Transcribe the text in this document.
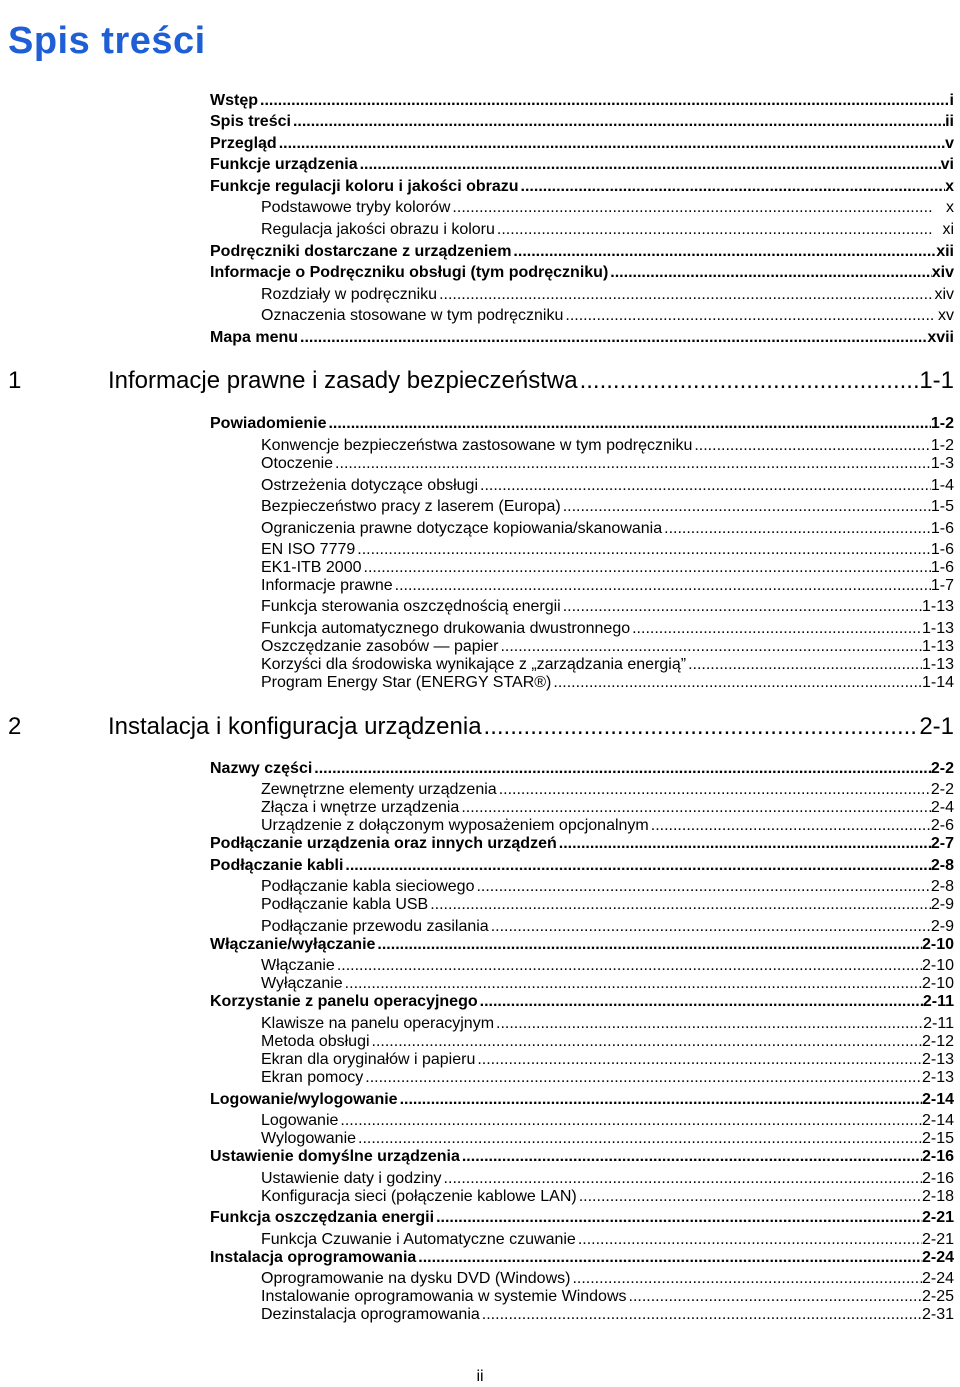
Spis treści
Wstęp .....	i
Spis treści .....	ii
Przegląd .....	v
Funkcje urządzenia .....	vi
Funkcje regulacji koloru i jakości obrazu .....	x
Podstawowe tryby kolorów .....	x
Regulacja jakości obrazu i koloru .....	xi
Podręczniki dostarczane z urządzeniem .....	xii
Informacje o Podręczniku obsługi (tym podręczniku) .....	xiv
Rozdziały w podręczniku .....	xiv
Oznaczenia stosowane w tym podręczniku .....	xv
Mapa menu .....	xvii
1	Informacje prawne i zasady bezpieczeństwa .....	1-1
Powiadomienie .....	1-2
Konwencje bezpieczeństwa zastosowane w tym podręczniku .....	1-2
Otoczenie .....	1-3
Ostrzeżenia dotyczące obsługi .....	1-4
Bezpieczeństwo pracy z laserem (Europa) .....	1-5
Ograniczenia prawne dotyczące kopiowania/skanowania .....	1-6
EN ISO 7779 .....	1-6
EK1-ITB 2000 .....	1-6
Informacje prawne .....	1-7
Funkcja sterowania oszczędnością energii .....	1-13
Funkcja automatycznego drukowania dwustronnego .....	1-13
Oszczędzanie zasobów — papier .....	1-13
Korzyści dla środowiska wynikające z „zarządzania energią” .....	1-13
Program Energy Star (ENERGY STAR®) .....	1-14
2	Instalacja i konfiguracja urządzenia .....	2-1
Nazwy części .....	2-2
Zewnętrzne elementy urządzenia .....	2-2
Złącza i wnętrze urządzenia .....	2-4
Urządzenie z dołączonym wyposażeniem opcjonalnym .....	2-6
Podłączanie urządzenia oraz innych urządzeń .....	2-7
Podłączanie kabli .....	2-8
Podłączanie kabla sieciowego .....	2-8
Podłączanie kabla USB .....	2-9
Podłączanie przewodu zasilania .....	2-9
Włączanie/wyłączanie .....	2-10
Włączanie .....	2-10
Wyłączanie .....	2-10
Korzystanie z panelu operacyjnego .....	2-11
Klawisze na panelu operacyjnym .....	2-11
Metoda obsługi .....	2-12
Ekran dla oryginałów i papieru .....	2-13
Ekran pomocy .....	2-13
Logowanie/wylogowanie .....	2-14
Logowanie .....	2-14
Wylogowanie .....	2-15
Ustawienie domyślne urządzenia .....	2-16
Ustawienie daty i godziny .....	2-16
Konfiguracja sieci (połączenie kablowe LAN) .....	2-18
Funkcja oszczędzania energii .....	2-21
Funkcja Czuwanie i Automatyczne czuwanie .....	2-21
Instalacja oprogramowania .....	2-24
Oprogramowanie na dysku DVD (Windows) .....	2-24
Instalowanie oprogramowania w systemie Windows .....	2-25
Dezinstalacja oprogramowania .....	2-31
ii
